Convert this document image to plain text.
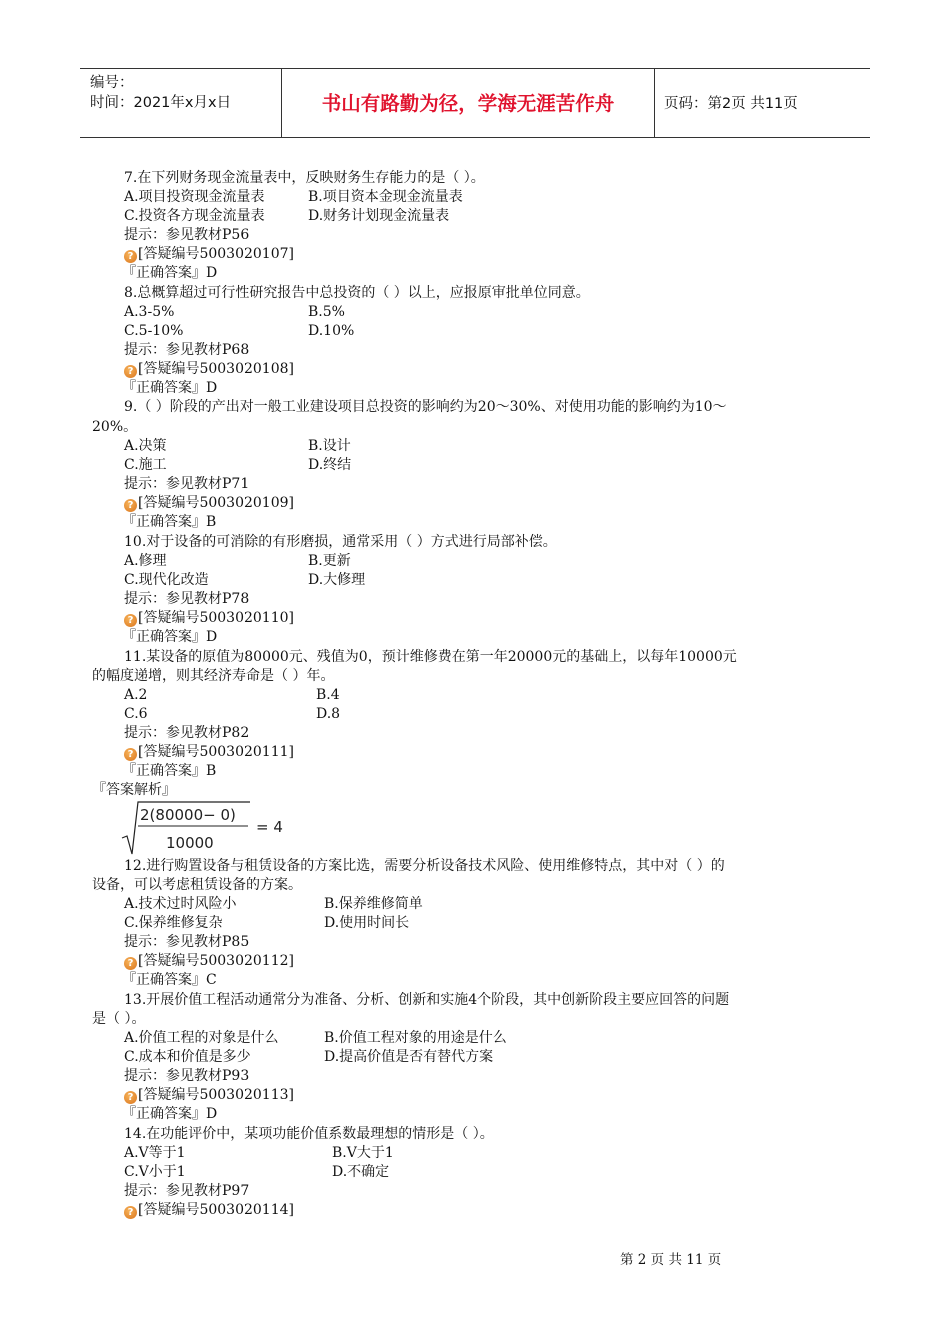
编号：
时间：2021年x月x日	书山有路勤为径，学海无涯苦作舟	页码：第2页 共11页
7.在下列财务现金流量表中，反映财务生存能力的是（ ）。
A.项目投资现金流量表	B.项目资本金现金流量表
C.投资各方现金流量表	D.财务计划现金流量表
提示：参见教材P56
? [答疑编号5003020107]
『正确答案』D
8.总概算超过可行性研究报告中总投资的（ ）以上，应报原审批单位同意。
A.3-5%	B.5%
C.5-10%	D.10%
提示：参见教材P68
? [答疑编号5003020108]
『正确答案』D
9.（ ）阶段的产出对一般工业建设项目总投资的影响约为20～30%、对使用功能的影响约为10～
20%。
A.决策	B.设计
C.施工	D.终结
提示：参见教材P71
? [答疑编号5003020109]
『正确答案』B
10.对于设备的可消除的有形磨损，通常采用（ ）方式进行局部补偿。
A.修理	B.更新
C.现代化改造	D.大修理
提示：参见教材P78
? [答疑编号5003020110]
『正确答案』D
11.某设备的原值为80000元、残值为0，预计维修费在第一年20000元的基础上，以每年10000元
的幅度递增，则其经济寿命是（ ）年。
A.2	B.4
C.6	D.8
提示：参见教材P82
? [答疑编号5003020111]
『正确答案』B
『答案解析』
2(80000− 0)
10000
= 4
12.进行购置设备与租赁设备的方案比选，需要分析设备技术风险、使用维修特点，其中对（ ）的
设备，可以考虑租赁设备的方案。
A.技术过时风险小	B.保养维修简单
C.保养维修复杂	D.使用时间长
提示：参见教材P85
? [答疑编号5003020112]
『正确答案』C
13.开展价值工程活动通常分为准备、分析、创新和实施4个阶段，其中创新阶段主要应回答的问题
是（ ）。
A.价值工程的对象是什么	B.价值工程对象的用途是什么
C.成本和价值是多少	D.提高价值是否有替代方案
提示：参见教材P93
? [答疑编号5003020113]
『正确答案』D
14.在功能评价中，某项功能价值系数最理想的情形是（ ）。
A.V等于1	B.V大于1
C.V小于1	D.不确定
提示：参见教材P97
? [答疑编号5003020114]
第 2 页 共 11 页
